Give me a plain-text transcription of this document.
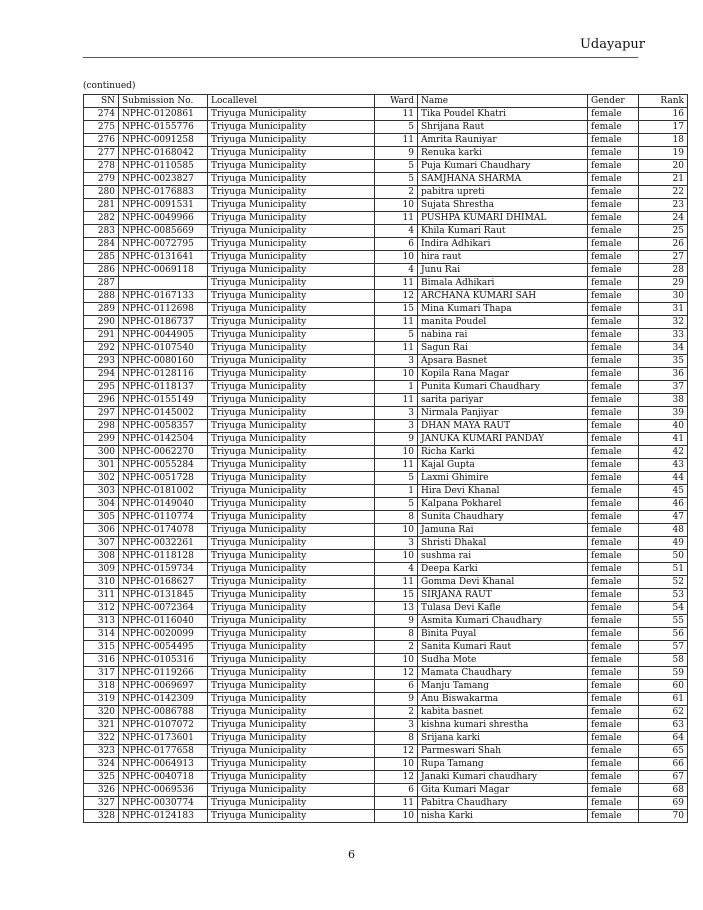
Udayapur
(continued)
SN	Submission No.	Locallevel	Ward	Name	Gender	Rank
274	NPHC-0120861	Triyuga Municipality	11	Tika Poudel Khatri	female	16
275	NPHC-0155776	Triyuga Municipality	5	Shrijana Raut	female	17
276	NPHC-0091258	Triyuga Municipality	11	Amrita Rauniyar	female	18
277	NPHC-0168042	Triyuga Municipality	9	Renuka karki	female	19
278	NPHC-0110585	Triyuga Municipality	5	Puja Kumari Chaudhary	female	20
279	NPHC-0023827	Triyuga Municipality	5	SAMJHANA SHARMA	female	21
280	NPHC-0176883	Triyuga Municipality	2	pabitra upreti	female	22
281	NPHC-0091531	Triyuga Municipality	10	Sujata Shrestha	female	23
282	NPHC-0049966	Triyuga Municipality	11	PUSHPA KUMARI DHIMAL	female	24
283	NPHC-0085669	Triyuga Municipality	4	Khila Kumari Raut	female	25
284	NPHC-0072795	Triyuga Municipality	6	Indira Adhikari	female	26
285	NPHC-0131641	Triyuga Municipality	10	hira raut	female	27
286	NPHC-0069118	Triyuga Municipality	4	Junu Rai	female	28
287		Triyuga Municipality	11	Bimala Adhikari	female	29
288	NPHC-0167133	Triyuga Municipality	12	ARCHANA KUMARI SAH	female	30
289	NPHC-0112698	Triyuga Municipality	15	Mina Kumari Thapa	female	31
290	NPHC-0186737	Triyuga Municipality	11	manita Poudel	female	32
291	NPHC-0044905	Triyuga Municipality	5	nabina rai	female	33
292	NPHC-0107540	Triyuga Municipality	11	Sagun Rai	female	34
293	NPHC-0080160	Triyuga Municipality	3	Apsara Basnet	female	35
294	NPHC-0128116	Triyuga Municipality	10	Kopila Rana Magar	female	36
295	NPHC-0118137	Triyuga Municipality	1	Punita Kumari Chaudhary	female	37
296	NPHC-0155149	Triyuga Municipality	11	sarita pariyar	female	38
297	NPHC-0145002	Triyuga Municipality	3	Nirmala Panjiyar	female	39
298	NPHC-0058357	Triyuga Municipality	3	DHAN MAYA RAUT	female	40
299	NPHC-0142504	Triyuga Municipality	9	JANUKA KUMARI PANDAY	female	41
300	NPHC-0062270	Triyuga Municipality	10	Richa Karki	female	42
301	NPHC-0055284	Triyuga Municipality	11	Kajal Gupta	female	43
302	NPHC-0051728	Triyuga Municipality	5	Laxmi Ghimire	female	44
303	NPHC-0181002	Triyuga Municipality	1	Hira Devi Khanal	female	45
304	NPHC-0149040	Triyuga Municipality	5	Kalpana Pokharel	female	46
305	NPHC-0110774	Triyuga Municipality	8	Sunita Chaudhary	female	47
306	NPHC-0174078	Triyuga Municipality	10	Jamuna Rai	female	48
307	NPHC-0032261	Triyuga Municipality	3	Shristi Dhakal	female	49
308	NPHC-0118128	Triyuga Municipality	10	sushma rai	female	50
309	NPHC-0159734	Triyuga Municipality	4	Deepa Karki	female	51
310	NPHC-0168627	Triyuga Municipality	11	Gomma Devi Khanal	female	52
311	NPHC-0131845	Triyuga Municipality	15	SIRJANA RAUT	female	53
312	NPHC-0072364	Triyuga Municipality	13	Tulasa Devi Kafle	female	54
313	NPHC-0116040	Triyuga Municipality	9	Asmita Kumari Chaudhary	female	55
314	NPHC-0020099	Triyuga Municipality	8	Binita Puyal	female	56
315	NPHC-0054495	Triyuga Municipality	2	Sanita Kumari Raut	female	57
316	NPHC-0105316	Triyuga Municipality	10	Sudha Mote	female	58
317	NPHC-0119266	Triyuga Municipality	12	Mamata Chaudhary	female	59
318	NPHC-0069697	Triyuga Municipality	6	Manju Tamang	female	60
319	NPHC-0142309	Triyuga Municipality	9	Anu Biswakarma	female	61
320	NPHC-0086788	Triyuga Municipality	2	kabita basnet	female	62
321	NPHC-0107072	Triyuga Municipality	3	kishna kumari shrestha	female	63
322	NPHC-0173601	Triyuga Municipality	8	Srijana karki	female	64
323	NPHC-0177658	Triyuga Municipality	12	Parmeswari Shah	female	65
324	NPHC-0064913	Triyuga Municipality	10	Rupa Tamang	female	66
325	NPHC-0040718	Triyuga Municipality	12	Janaki Kumari chaudhary	female	67
326	NPHC-0069536	Triyuga Municipality	6	Gita Kumari Magar	female	68
327	NPHC-0030774	Triyuga Municipality	11	Pabitra Chaudhary	female	69
328	NPHC-0124183	Triyuga Municipality	10	nisha Karki	female	70
6
